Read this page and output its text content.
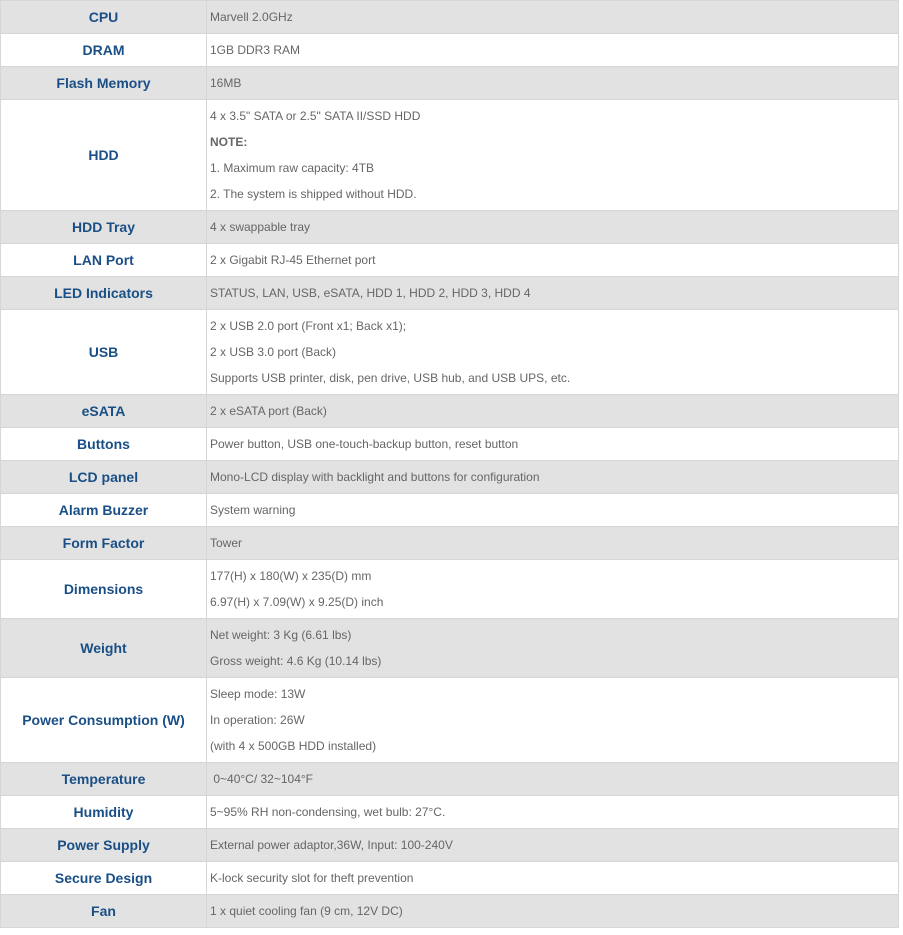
CPU	Marvell 2.0GHz

DRAM	1GB DDR3 RAM

Flash Memory	16MB

HDD	4 x 3.5" SATA or 2.5" SATA II/SSD HDD
NOTE:
1. Maximum raw capacity: 4TB
2. The system is shipped without HDD.

HDD Tray	4 x swappable tray

LAN Port	2 x Gigabit RJ-45 Ethernet port

LED Indicators	STATUS, LAN, USB, eSATA, HDD 1, HDD 2, HDD 3, HDD 4

USB	2 x USB 2.0 port (Front x1; Back x1);
2 x USB 3.0 port (Back)
Supports USB printer, disk, pen drive, USB hub, and USB UPS, etc.

eSATA	2 x eSATA port (Back)

Buttons	Power button, USB one-touch-backup button, reset button

LCD panel	Mono-LCD display with backlight and buttons for configuration

Alarm Buzzer	System warning

Form Factor	Tower

Dimensions	177(H) x 180(W) x 235(D) mm
6.97(H) x 7.09(W) x 9.25(D) inch

Weight	Net weight: 3 Kg (6.61 lbs)
Gross weight: 4.6 Kg (10.14 lbs)

Power Consumption (W)	Sleep mode: 13W
In operation: 26W
(with 4 x 500GB HDD installed)

Temperature	0~40°C/ 32~104°F

Humidity	5~95% RH non-condensing, wet bulb: 27°C.

Power Supply	External power adaptor,36W, Input: 100-240V

Secure Design	K-lock security slot for theft prevention

Fan	1 x quiet cooling fan (9 cm, 12V DC)
